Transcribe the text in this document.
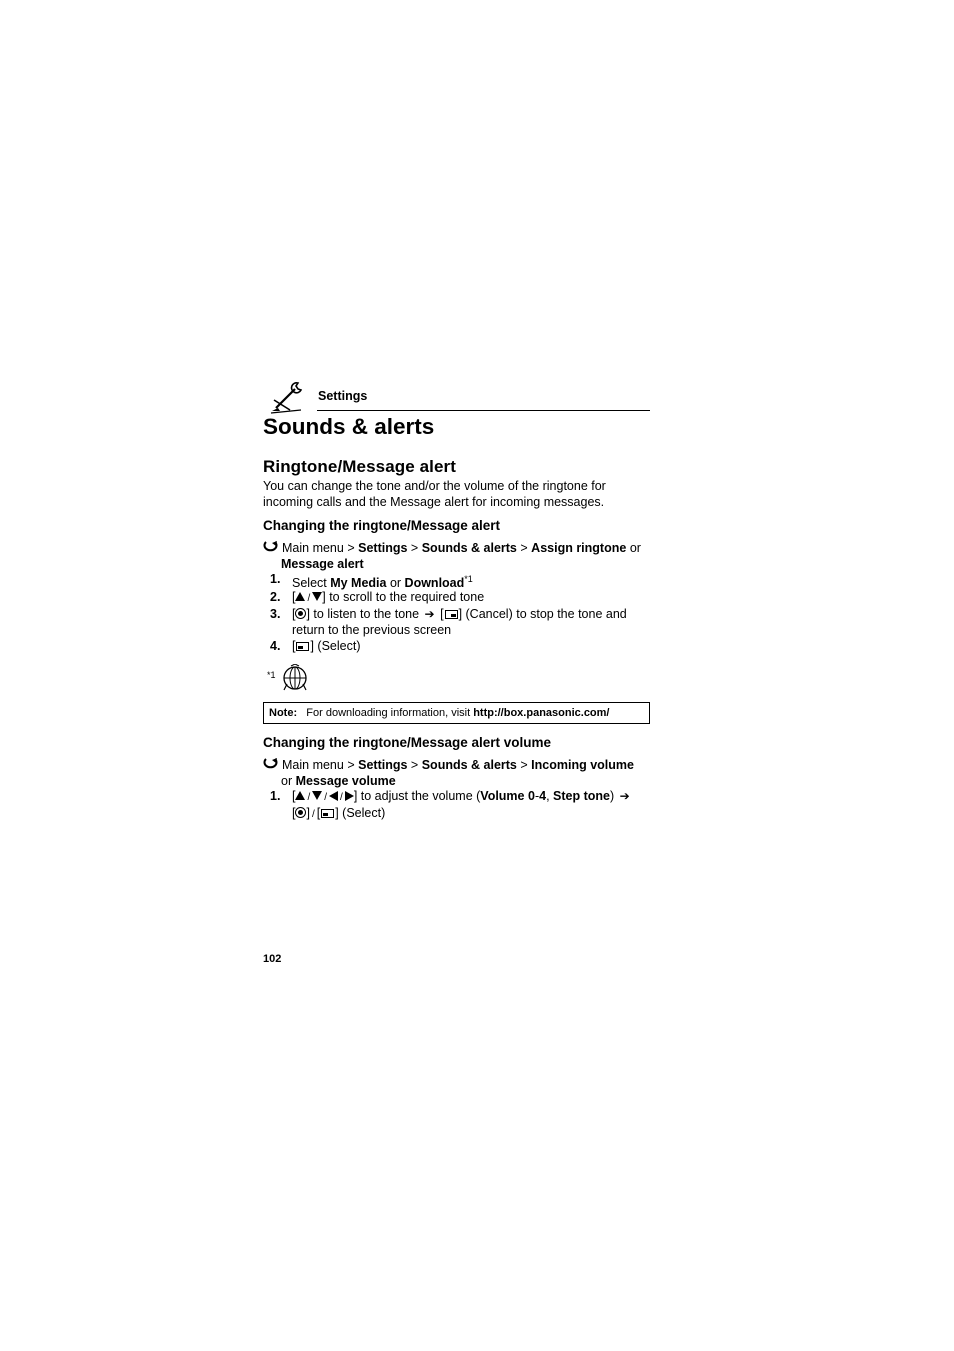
Settings
Sounds & alerts
Ringtone/Message alert
You can change the tone and/or the volume of the ringtone for incoming calls and the Message alert for incoming messages.
Changing the ringtone/Message alert
Main menu > Settings > Sounds & alerts > Assign ringtone or
Message alert
1. Select My Media or Download$^{*1}$
2. [ / ] to scroll to the required tone
3. [ ] to listen to the tone ➔ [ ] (Cancel) to stop the tone and return to the previous screen
4. [ ] (Select)
*1
Note: For downloading information, visit http://box.panasonic.com/
Changing the ringtone/Message alert volume
Main menu > Settings > Sounds & alerts > Incoming volume
or Message volume
1. [ / / / ] to adjust the volume (Volume 0-4, Step tone) ➔
[ ] / [ ] (Select)
102
